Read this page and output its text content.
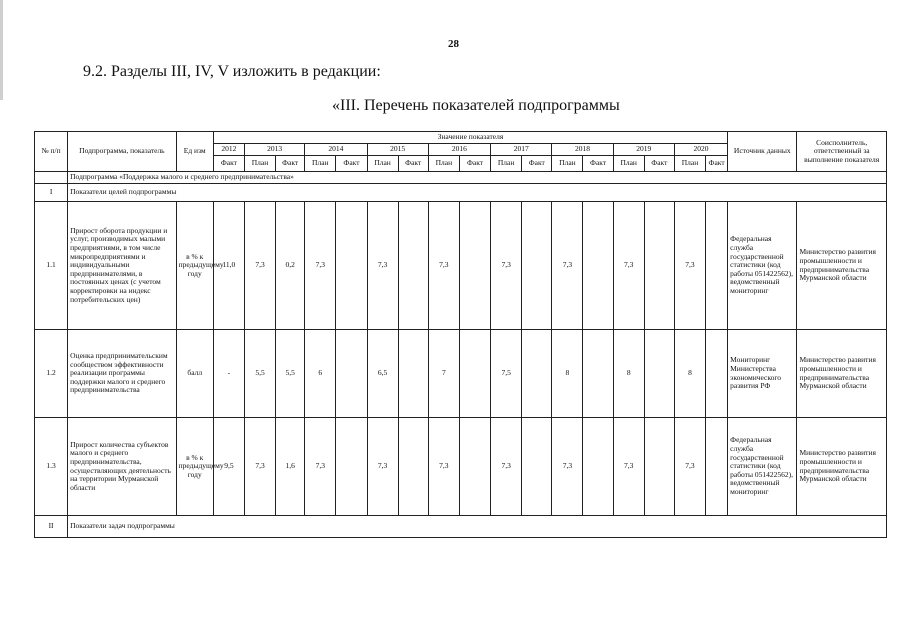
28
9.2. Разделы III, IV, V изложить в редакции:
«III. Перечень показателей подпрограммы
№ п/п	Подпрограмма, показатель	Ед изм	Значение показателя																	Источник данных	Соисполнитель, ответственный за выполнение показателя
			2012	2013		2014		2015		2016		2017		2018		2019		2020			
			Факт	План	Факт	План	Факт	План	Факт	План	Факт	План	Факт	План	Факт	План	Факт	План	Факт		
	Подпрограмма «Поддержка малого и среднего предпринимательства»																				
I	Показатели целей подпрограммы																				
1.1	Прирост оборота продукции и услуг, производимых малыми предприятиями, в том числе микропредприятиями и индивидуальными предпринимателями, в постоянных ценах (с учетом корректировки на индекс потребительских цен)	в % к предыдущему году	11,0	7,3	0,2	7,3		7,3		7,3		7,3		7,3		7,3		7,3		Федеральная служба государственной статистики (код работы 051422562), ведомственный мониторинг	Министерство развития промышленности и предпринимательства Мурманской области
1.2	Оценка предпринимательским сообществом эффективности реализации программы поддержки малого и среднего предпринимательства	балл	-	5,5	5,5	6		6,5		7		7,5		8		8		8		Мониторинг Министерства экономического развития РФ	Министерство развития промышленности и предпринимательства Мурманской области
1.3	Прирост количества субъектов малого и среднего предпринимательства, осуществляющих деятельность на территории Мурманской области	в % к предыдущему году	9,5	7,3	1,6	7,3		7,3		7,3		7,3		7,3		7,3		7,3		Федеральная служба государственной статистики (код работы 051422562), ведомственный мониторинг	Министерство развития промышленности и предпринимательства Мурманской области
II	Показатели задач подпрограммы																				
